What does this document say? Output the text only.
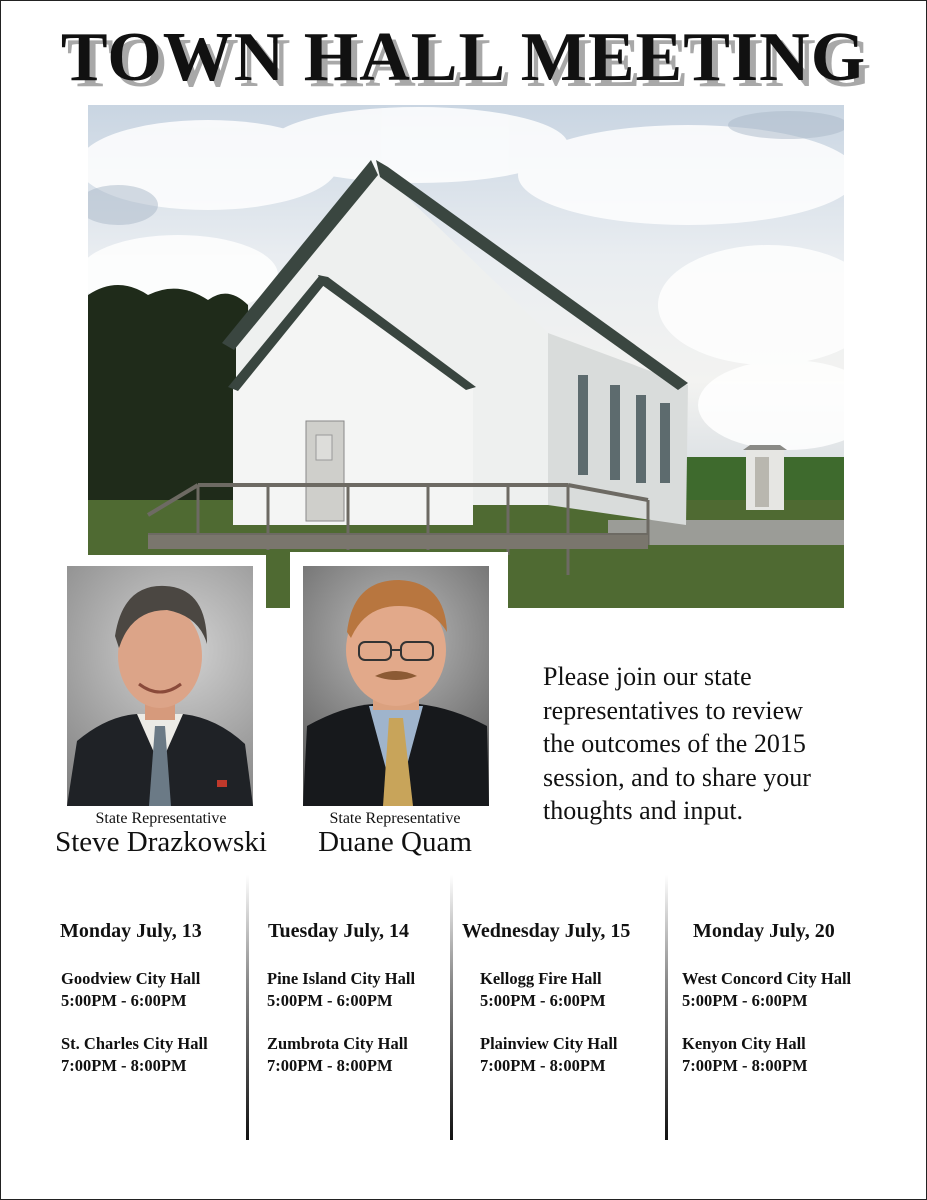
TOWN HALL MEETING
State Representative
Steve Drazkowski
State Representative
Duane Quam
Please join our state
representatives to review
the outcomes of the 2015
session, and to share your
thoughts and input.
Monday July, 13
Goodview City Hall
5:00PM - 6:00PM
St. Charles City Hall
7:00PM - 8:00PM
Tuesday July, 14
Pine Island City Hall
5:00PM - 6:00PM
Zumbrota City Hall
7:00PM - 8:00PM
Wednesday July, 15
Kellogg Fire Hall
5:00PM - 6:00PM
Plainview City Hall
7:00PM - 8:00PM
Monday July, 20
West Concord City Hall
5:00PM - 6:00PM
Kenyon City Hall
7:00PM - 8:00PM
